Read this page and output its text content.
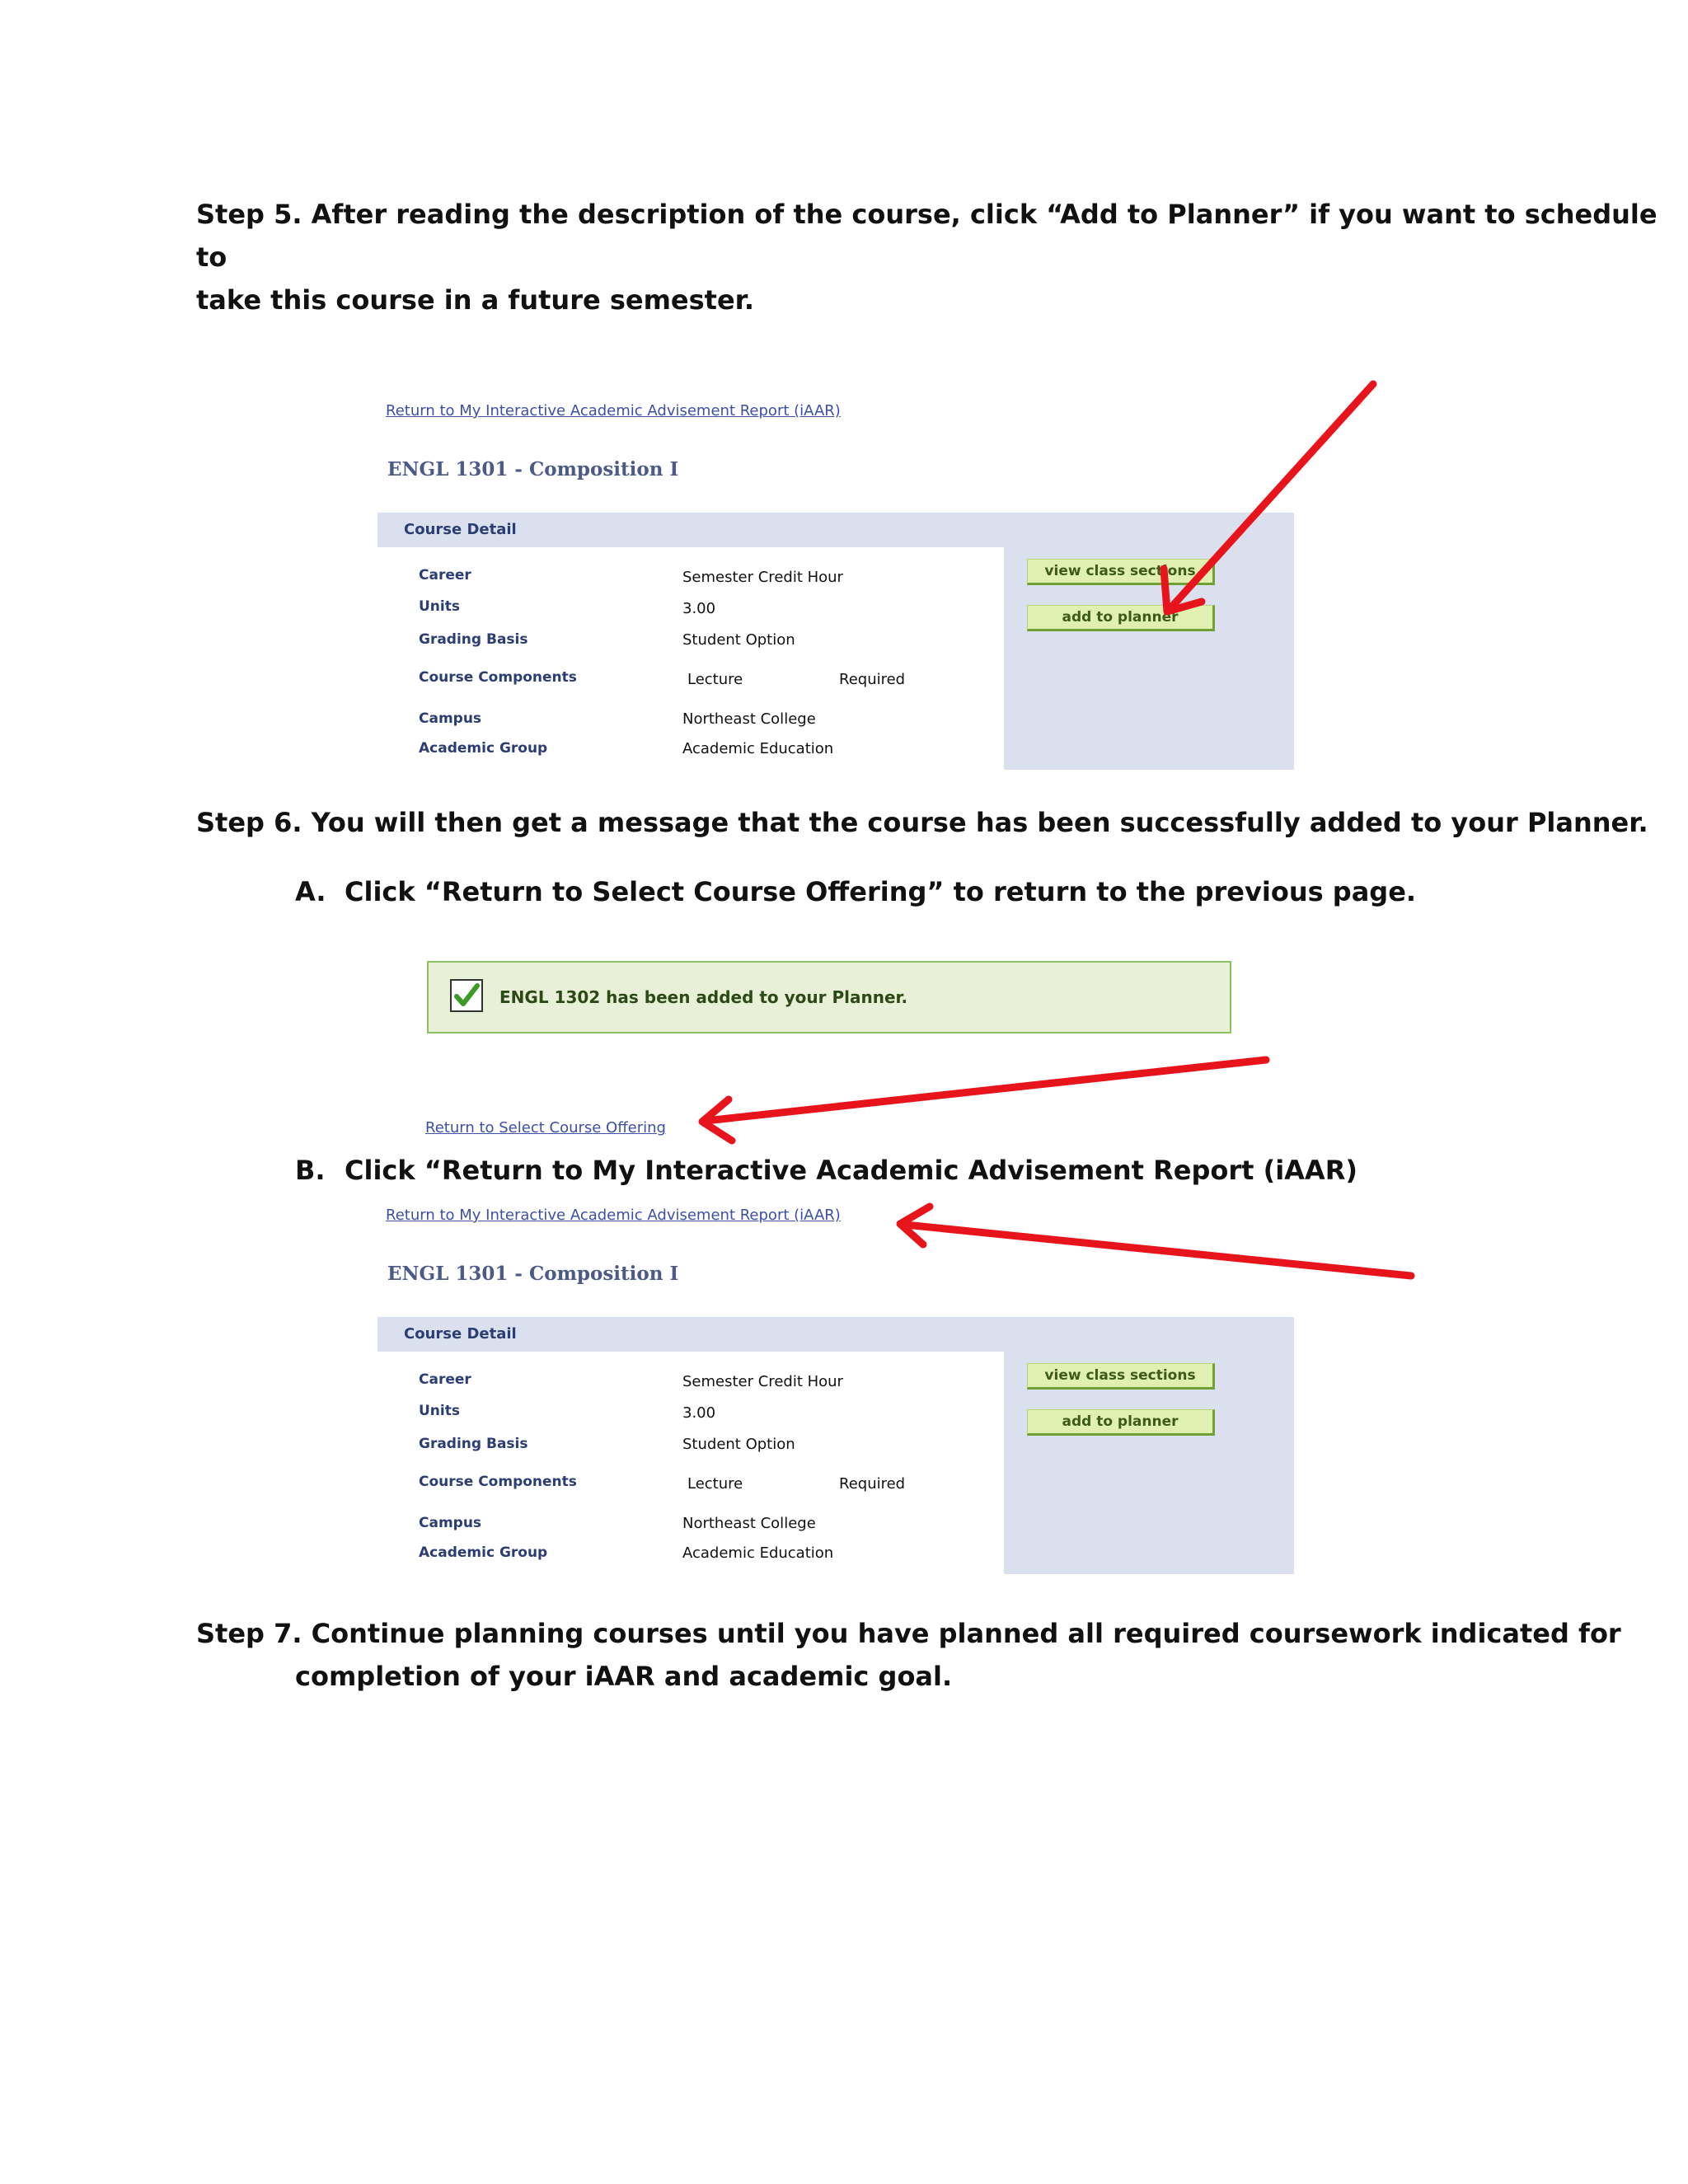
Step 5. After reading the description of the course, click “Add to Planner” if you want to schedule to
take this course in a future semester.
Return to My Interactive Academic Advisement Report (iAAR)
ENGL 1301 - Composition I
Course Detail
Career	Semester Credit Hour
Units	3.00
Grading Basis	Student Option
Course Components	Lecture	Required
Campus	Northeast College
Academic Group	Academic Education
view class sections
add to planner
Step 6. You will then get a message that the course has been successfully added to your Planner.
A. Click “Return to Select Course Offering” to return to the previous page.
ENGL 1302 has been added to your Planner.
Return to Select Course Offering
B. Click “Return to My Interactive Academic Advisement Report (iAAR)
Return to My Interactive Academic Advisement Report (iAAR)
ENGL 1301 - Composition I
Course Detail
Career	Semester Credit Hour
Units	3.00
Grading Basis	Student Option
Course Components	Lecture	Required
Campus	Northeast College
Academic Group	Academic Education
view class sections
add to planner
Step 7. Continue planning courses until you have planned all required coursework indicated for
completion of your iAAR and academic goal.
